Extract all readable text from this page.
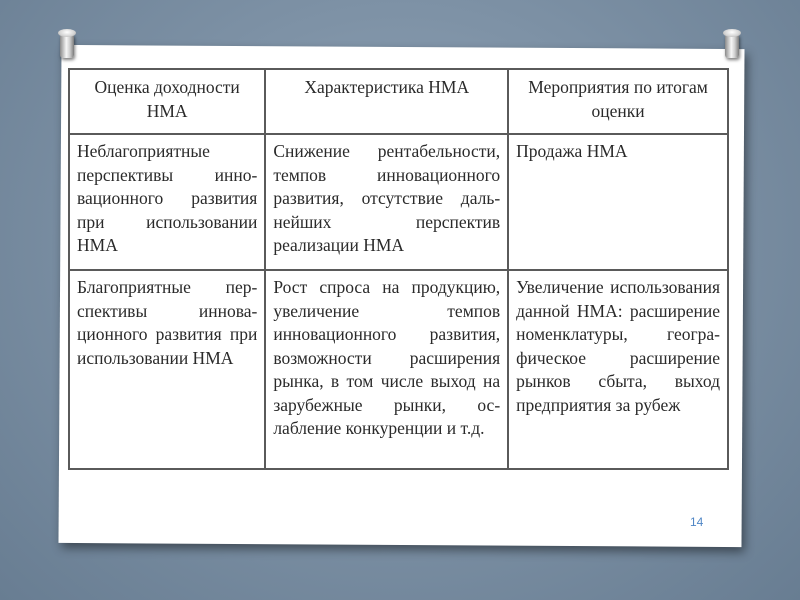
Оценка доходности НМА	Характеристика НМА	Мероприятия по итогам оценки
Неблагоприятные перспективы инновационного развития при использовании НМА	Снижение рентабельности, темпов инновационного развития, отсутствие дальнейших перспектив реализации НМА	Продажа НМА
Благоприятные перспективы инновационного развития при использовании НМА	Рост спроса на продукцию, увеличение темпов инновационного развития, возможности расширения рынка, в том числе выход на зарубежные рынки, ослабление конкуренции и т.д.	Увеличение использования данной НМА: расширение номенклатуры, географическое расширение рынков сбыта, выход предприятия за рубеж
14
